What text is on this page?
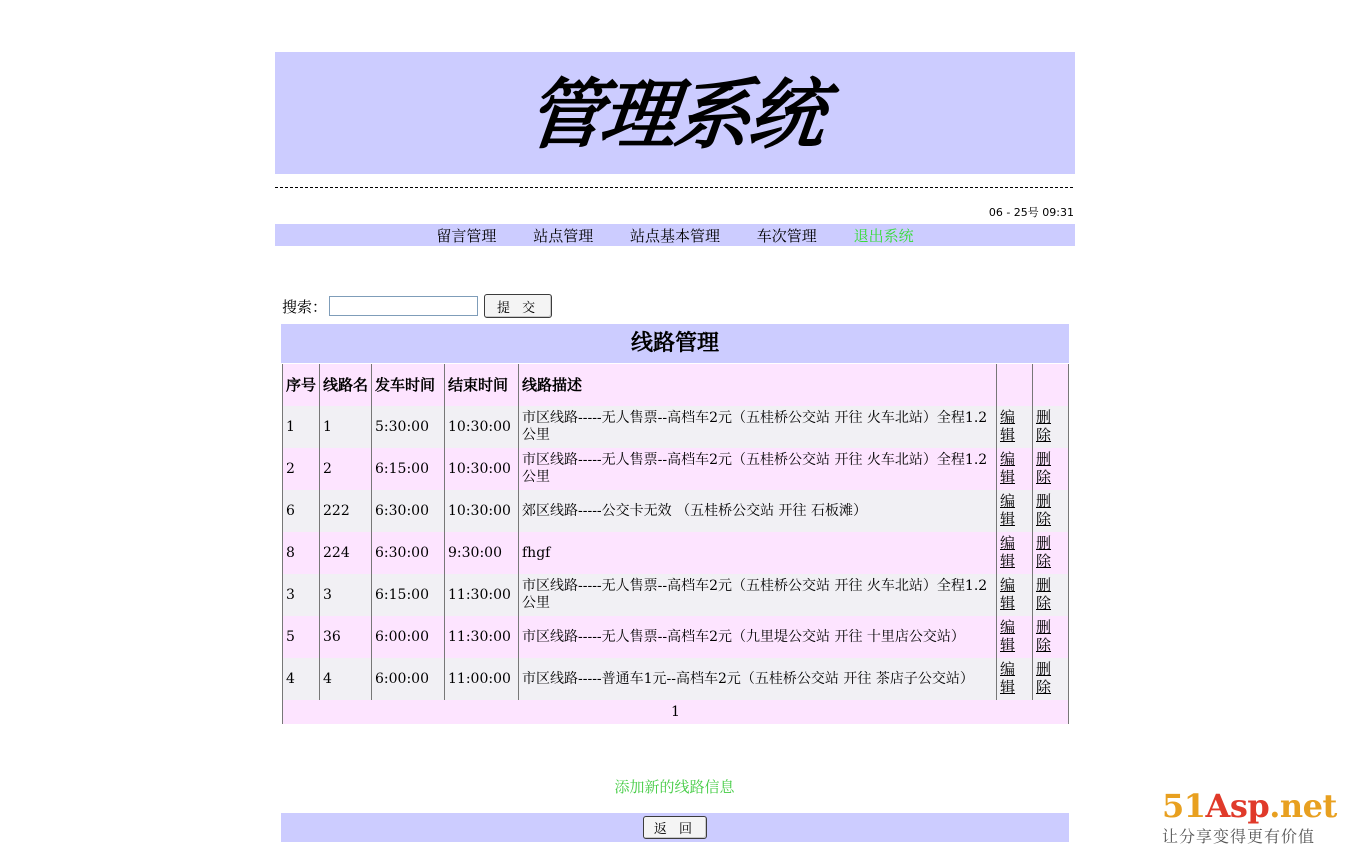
管理系统
06 - 25号 09:31
留言管理 站点管理 站点基本管理 车次管理 退出系统
搜索：	提 交
线路管理
序号	线路名	发车时间	结束时间	线路描述		
1	1	5:30:00	10:30:00	市区线路-----无人售票--高档车2元（五桂桥公交站 开往 火车北站）全程1.2公里	编辑	删除
2	2	6:15:00	10:30:00	市区线路-----无人售票--高档车2元（五桂桥公交站 开往 火车北站）全程1.2公里	编辑	删除
6	222	6:30:00	10:30:00	郊区线路-----公交卡无效 （五桂桥公交站 开往 石板滩）	编辑	删除
8	224	6:30:00	9:30:00	fhgf	编辑	删除
3	3	6:15:00	11:30:00	市区线路-----无人售票--高档车2元（五桂桥公交站 开往 火车北站）全程1.2公里	编辑	删除
5	36	6:00:00	11:30:00	市区线路-----无人售票--高档车2元（九里堤公交站 开往 十里店公交站）	编辑	删除
4	4	6:00:00	11:00:00	市区线路-----普通车1元--高档车2元（五桂桥公交站 开往 茶店子公交站）	编辑	删除
1						
添加新的线路信息
返 回
51Asp.net
让分享变得更有价值
